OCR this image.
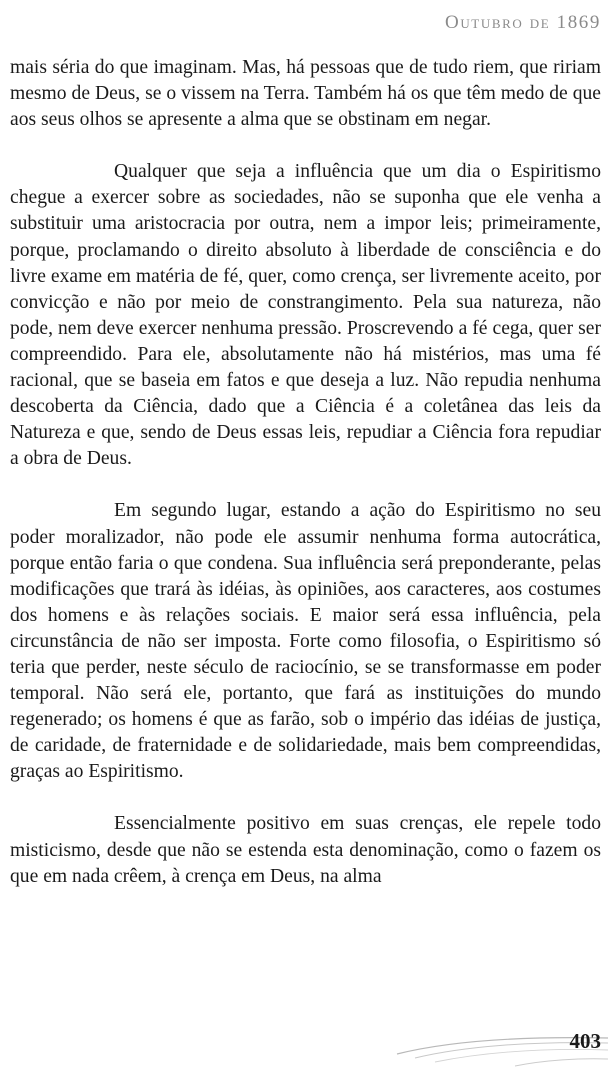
Outubro de 1869

mais séria do que imaginam. Mas, há pessoas que de tudo riem, que ririam mesmo de Deus, se o vissem na Terra. Também há os que têm medo de que aos seus olhos se apresente a alma que se obstinam em negar.

Qualquer que seja a influência que um dia o Espiritismo chegue a exercer sobre as sociedades, não se suponha que ele venha a substituir uma aristocracia por outra, nem a impor leis; primeiramente, porque, proclamando o direito absoluto à liberdade de consciência e do livre exame em matéria de fé, quer, como crença, ser livremente aceito, por convicção e não por meio de constrangimento. Pela sua natureza, não pode, nem deve exercer nenhuma pressão. Proscrevendo a fé cega, quer ser compreendido. Para ele, absolutamente não há mistérios, mas uma fé racional, que se baseia em fatos e que deseja a luz. Não repudia nenhuma descoberta da Ciência, dado que a Ciência é a coletânea das leis da Natureza e que, sendo de Deus essas leis, repudiar a Ciência fora repudiar a obra de Deus.

Em segundo lugar, estando a ação do Espiritismo no seu poder moralizador, não pode ele assumir nenhuma forma autocrática, porque então faria o que condena. Sua influência será preponderante, pelas modificações que trará às idéias, às opiniões, aos caracteres, aos costumes dos homens e às relações sociais. E maior será essa influência, pela circunstância de não ser imposta. Forte como filosofia, o Espiritismo só teria que perder, neste século de raciocínio, se se transformasse em poder temporal. Não será ele, portanto, que fará as instituições do mundo regenerado; os homens é que as farão, sob o império das idéias de justiça, de caridade, de fraternidade e de solidariedade, mais bem compreendidas, graças ao Espiritismo.

Essencialmente positivo em suas crenças, ele repele todo misticismo, desde que não se estenda esta denominação, como o fazem os que em nada crêem, à crença em Deus, na alma

403
